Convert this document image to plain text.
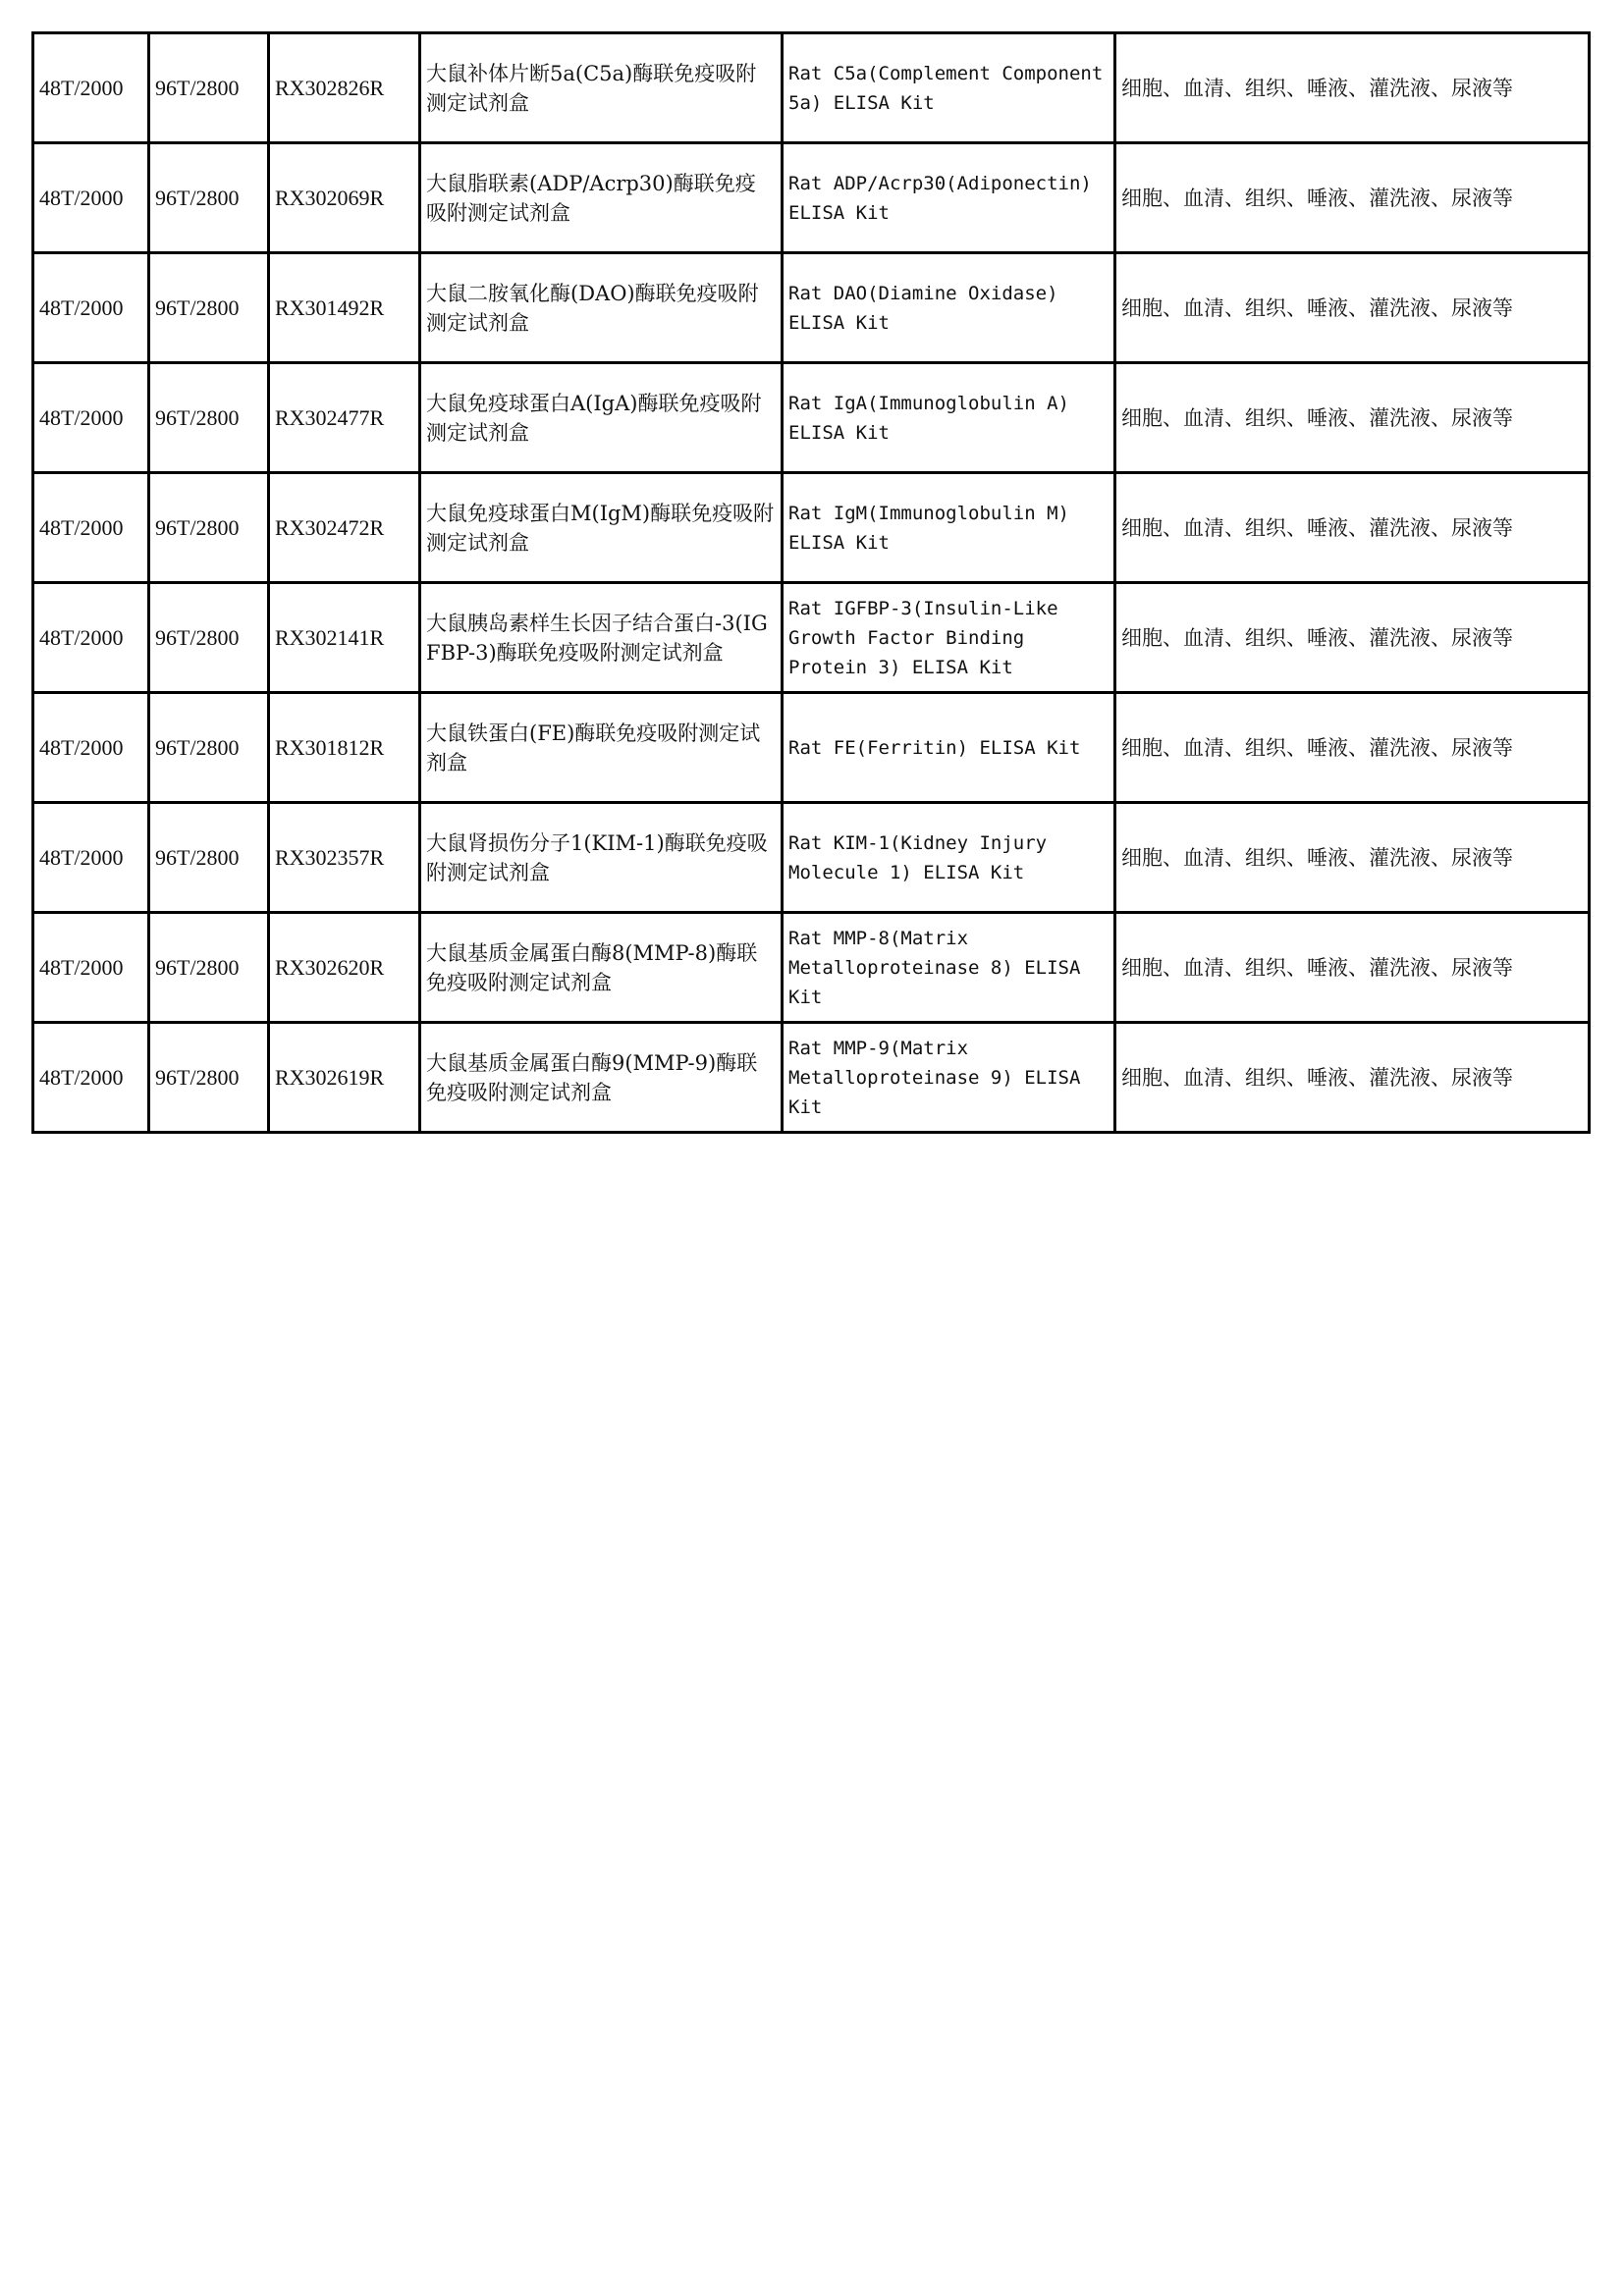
48T/2000	96T/2800	RX302826R	大鼠补体片断5a(C5a)酶联免疫吸附测定试剂盒	Rat C5a(Complement Component 5a) ELISA Kit	细胞、血清、组织、唾液、灌洗液、尿液等
48T/2000	96T/2800	RX302069R	大鼠脂联素(ADP/Acrp30)酶联免疫吸附测定试剂盒	Rat ADP/Acrp30(Adiponectin) ELISA Kit	细胞、血清、组织、唾液、灌洗液、尿液等
48T/2000	96T/2800	RX301492R	大鼠二胺氧化酶(DAO)酶联免疫吸附测定试剂盒	Rat DAO(Diamine Oxidase) ELISA Kit	细胞、血清、组织、唾液、灌洗液、尿液等
48T/2000	96T/2800	RX302477R	大鼠免疫球蛋白A(IgA)酶联免疫吸附测定试剂盒	Rat IgA(Immunoglobulin A) ELISA Kit	细胞、血清、组织、唾液、灌洗液、尿液等
48T/2000	96T/2800	RX302472R	大鼠免疫球蛋白M(IgM)酶联免疫吸附测定试剂盒	Rat IgM(Immunoglobulin M) ELISA Kit	细胞、血清、组织、唾液、灌洗液、尿液等
48T/2000	96T/2800	RX302141R	大鼠胰岛素样生长因子结合蛋白-3(IGFBP-3)酶联免疫吸附测定试剂盒	Rat IGFBP-3(Insulin-Like Growth Factor Binding Protein 3) ELISA Kit	细胞、血清、组织、唾液、灌洗液、尿液等
48T/2000	96T/2800	RX301812R	大鼠铁蛋白(FE)酶联免疫吸附测定试剂盒	Rat FE(Ferritin) ELISA Kit	细胞、血清、组织、唾液、灌洗液、尿液等
48T/2000	96T/2800	RX302357R	大鼠肾损伤分子1(KIM-1)酶联免疫吸附测定试剂盒	Rat KIM-1(Kidney Injury Molecule 1) ELISA Kit	细胞、血清、组织、唾液、灌洗液、尿液等
48T/2000	96T/2800	RX302620R	大鼠基质金属蛋白酶8(MMP-8)酶联免疫吸附测定试剂盒	Rat MMP-8(Matrix Metalloproteinase 8) ELISA Kit	细胞、血清、组织、唾液、灌洗液、尿液等
48T/2000	96T/2800	RX302619R	大鼠基质金属蛋白酶9(MMP-9)酶联免疫吸附测定试剂盒	Rat MMP-9(Matrix Metalloproteinase 9) ELISA Kit	细胞、血清、组织、唾液、灌洗液、尿液等
